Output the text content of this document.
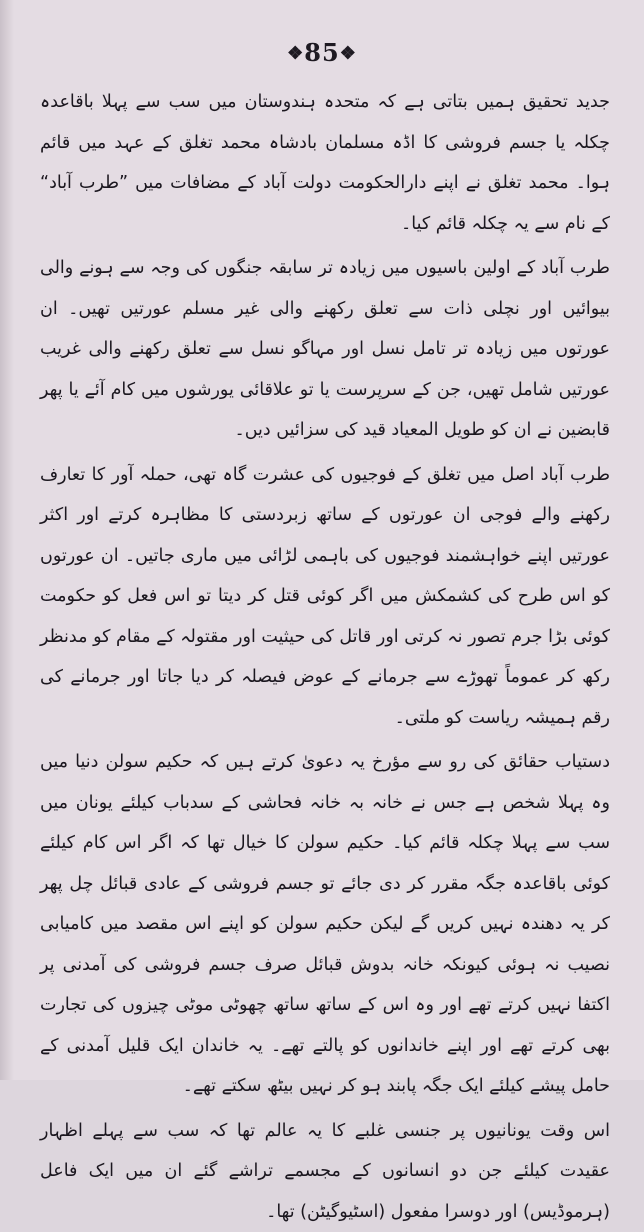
❖85❖

جدید تحقیق ہمیں بتاتی ہے کہ متحدہ ہندوستان میں سب سے پہلا باقاعدہ چکلہ یا جسم فروشی کا اڈہ مسلمان بادشاہ محمد تغلق کے عہد میں قائم ہوا۔ محمد تغلق نے اپنے دارالحکومت دولت آباد کے مضافات میں ”طرب آباد“ کے نام سے یہ چکلہ قائم کیا۔

طرب آباد کے اولین باسیوں میں زیادہ تر سابقہ جنگوں کی وجہ سے ہونے والی بیوائیں اور نچلی ذات سے تعلق رکھنے والی غیر مسلم عورتیں تھیں۔ ان عورتوں میں زیادہ تر تامل نسل اور مہاگو نسل سے تعلق رکھنے والی غریب عورتیں شامل تھیں، جن کے سرپرست یا تو علاقائی یورشوں میں کام آئے یا پھر قابضین نے ان کو طویل المعیاد قید کی سزائیں دیں۔

طرب آباد اصل میں تغلق کے فوجیوں کی عشرت گاہ تھی، حملہ آور کا تعارف رکھنے والے فوجی ان عورتوں کے ساتھ زبردستی کا مظاہرہ کرتے اور اکثر عورتیں اپنے خواہشمند فوجیوں کی باہمی لڑائی میں ماری جاتیں۔ ان عورتوں کو اس طرح کی کشمکش میں اگر کوئی قتل کر دیتا تو اس فعل کو حکومت کوئی بڑا جرم تصور نہ کرتی اور قاتل کی حیثیت اور مقتولہ کے مقام کو مدنظر رکھ کر عموماً تھوڑے سے جرمانے کے عوض فیصلہ کر دیا جاتا اور جرمانے کی رقم ہمیشہ ریاست کو ملتی۔

دستیاب حقائق کی رو سے مؤرخ یہ دعویٰ کرتے ہیں کہ حکیم سولن دنیا میں وہ پہلا شخص ہے جس نے خانہ بہ خانہ فحاشی کے سدباب کیلئے یونان میں سب سے پہلا چکلہ قائم کیا۔ حکیم سولن کا خیال تھا کہ اگر اس کام کیلئے کوئی باقاعدہ جگہ مقرر کر دی جائے تو جسم فروشی کے عادی قبائل چل پھر کر یہ دھندہ نہیں کریں گے لیکن حکیم سولن کو اپنے اس مقصد میں کامیابی نصیب نہ ہوئی کیونکہ خانہ بدوش قبائل صرف جسم فروشی کی آمدنی پر اکتفا نہیں کرتے تھے اور وہ اس کے ساتھ ساتھ چھوٹی موٹی چیزوں کی تجارت بھی کرتے تھے اور اپنے خاندانوں کو پالتے تھے۔ یہ خاندان ایک قلیل آمدنی کے حامل پیشے کیلئے ایک جگہ پابند ہو کر نہیں بیٹھ سکتے تھے۔

اس وقت یونانیوں پر جنسی غلبے کا یہ عالم تھا کہ سب سے پہلے اظہار عقیدت کیلئے جن دو انسانوں کے مجسمے تراشے گئے ان میں ایک فاعل (ہرموڈیس) اور دوسرا مفعول (اسٹیوگیٹن) تھا۔
